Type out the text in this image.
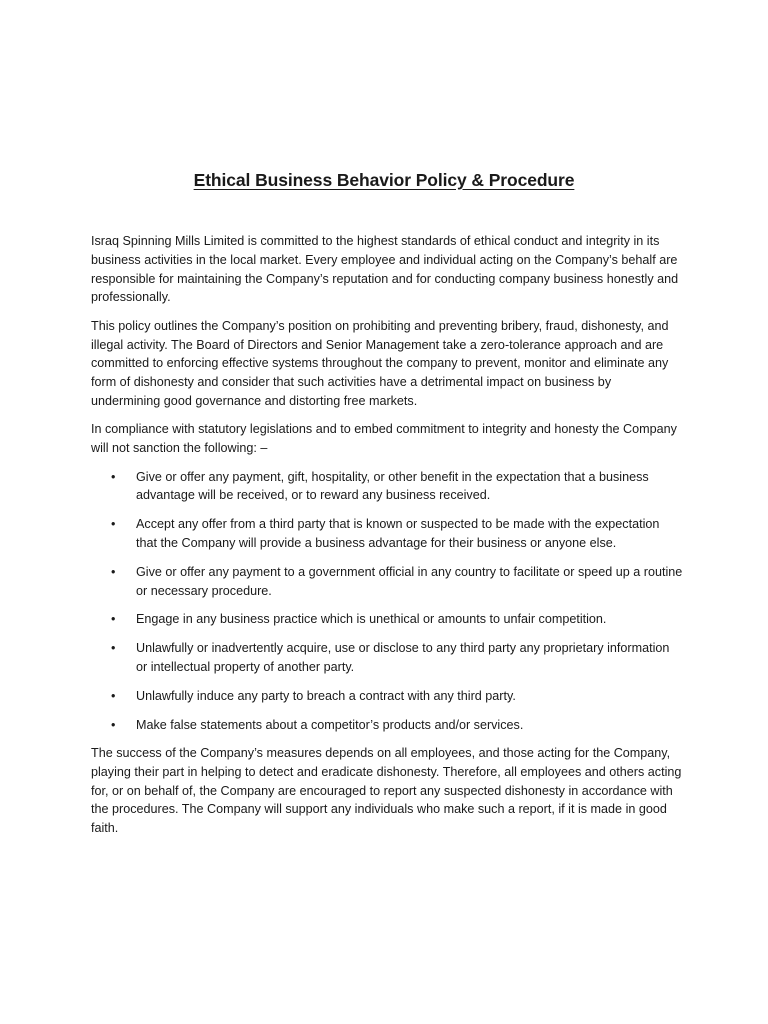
Ethical Business Behavior Policy & Procedure

Israq Spinning Mills Limited is committed to the highest standards of ethical conduct and integrity in its business activities in the local market. Every employee and individual acting on the Company’s behalf are responsible for maintaining the Company’s reputation and for conducting company business honestly and professionally.

This policy outlines the Company’s position on prohibiting and preventing bribery, fraud, dishonesty, and illegal activity. The Board of Directors and Senior Management take a zero-tolerance approach and are committed to enforcing effective systems throughout the company to prevent, monitor and eliminate any form of dishonesty and consider that such activities have a detrimental impact on business by undermining good governance and distorting free markets.

In compliance with statutory legislations and to embed commitment to integrity and honesty the Company will not sanction the following: –

• Give or offer any payment, gift, hospitality, or other benefit in the expectation that a business advantage will be received, or to reward any business received.
• Accept any offer from a third party that is known or suspected to be made with the expectation that the Company will provide a business advantage for their business or anyone else.
• Give or offer any payment to a government official in any country to facilitate or speed up a routine or necessary procedure.
• Engage in any business practice which is unethical or amounts to unfair competition.
• Unlawfully or inadvertently acquire, use or disclose to any third party any proprietary information or intellectual property of another party.
• Unlawfully induce any party to breach a contract with any third party.
• Make false statements about a competitor’s products and/or services.

The success of the Company’s measures depends on all employees, and those acting for the Company, playing their part in helping to detect and eradicate dishonesty. Therefore, all employees and others acting for, or on behalf of, the Company are encouraged to report any suspected dishonesty in accordance with the procedures. The Company will support any individuals who make such a report, if it is made in good faith.
